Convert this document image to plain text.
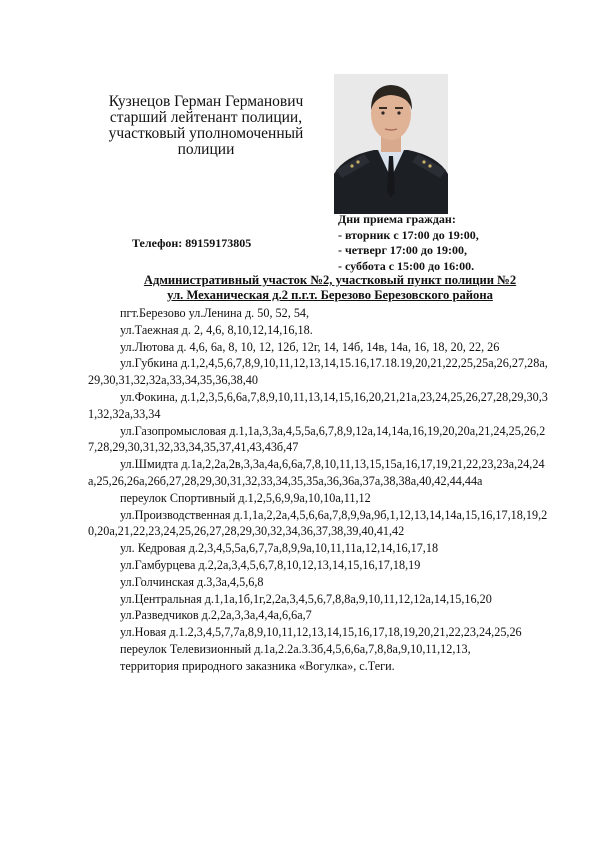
Кузнецов Герман Германович
старший лейтенант полиции, участковый уполномоченный полиции
Телефон: 89159173805
Дни приема граждан:
- вторник с 17:00 до 19:00,
- четверг 17:00 до 19:00,
- суббота с 15:00 до 16:00.
Административный участок №2, участковый пункт полиции №2
ул. Механическая д.2 п.г.т. Березово Березовского района

пгт.Березово ул.Ленина д. 50, 52, 54,

ул.Таежная д. 2, 4,6, 8,10,12,14,16,18.

ул.Лютова д. 4,6, 6а, 8, 10, 12, 12б, 12г, 14, 14б, 14в, 14а, 16, 18, 20, 22, 26

ул.Губкина д.1,2,4,5,6,7,8,9,10,11,12,13,14,15.16,17.18.19,20,21,22,25,25а,26,27,28а,29,30,31,32,32а,33,34,35,36,38,40

ул.Фокина, д.1,2,3,5,6,6а,7,8,9,10,11,13,14,15,16,20,21,21а,23,24,25,26,27,28,29,30,31,32,32а,33,34

ул.Газопромысловая д.1,1а,3,3а,4,5,5а,6,7,8,9,12а,14,14а,16,19,20,20а,21,24,25,26,27,28,29,30,31,32,33,34,35,37,41,43,43б,47

ул.Шмидта д.1а,2,2а,2в,3,3а,4а,6,6а,7,8,10,11,13,15,15а,16,17,19,21,22,23,23а,24,24а,25,26,26а,26б,27,28,29,30,31,32,33,34,35,35а,36,36а,37а,38,38а,40,42,44,44а

переулок Спортивный д.1,2,5,6,9,9а,10,10а,11,12

ул.Производственная д.1,1а,2,2а,4,5,6,6а,7,8,9,9а,9б,1,12,13,14,14а,15,16,17,18,19,20,20а,21,22,23,24,25,26,27,28,29,30,32,34,36,37,38,39,40,41,42

ул. Кедровая д.2,3,4,5,5а,6,7,7а,8,9,9а,10,11,11а,12,14,16,17,18

ул.Гамбурцева д.2,2а,3,4,5,6,7,8,10,12,13,14,15,16,17,18,19

ул.Голчинская д.3,3а,4,5,6,8

ул.Центральная д.1,1а,1б,1г,2,2а,3,4,5,6,7,8,8а,9,10,11,12,12а,14,15,16,20

ул.Разведчиков д.2,2а,3,3а,4,4а,6,6а,7

ул.Новая д.1.2,3,4,5,7,7а,8,9,10,11,12,13,14,15,16,17,18,19,20,21,22,23,24,25,26

переулок Телевизионный д.1а,2.2а.3.3б,4,5,6,6а,7,8,8а,9,10,11,12,13,

территория природного заказника «Вогулка», с.Теги.
